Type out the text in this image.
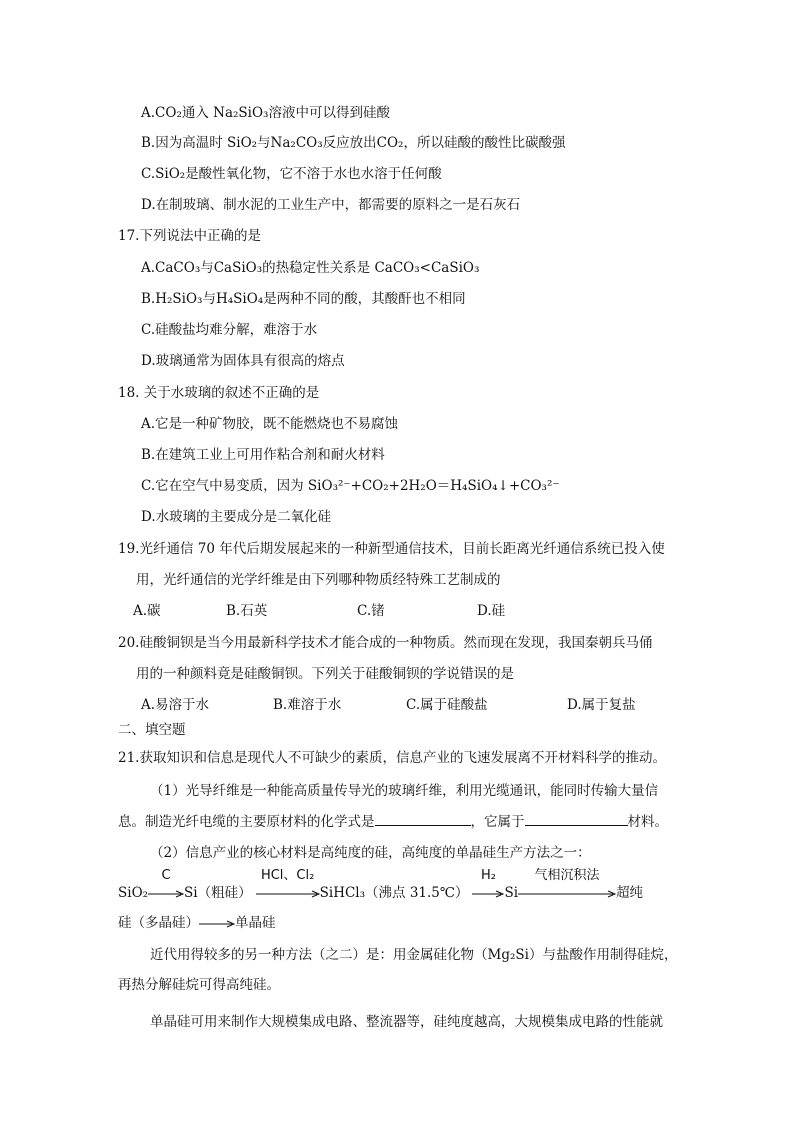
A.CO₂通入 Na₂SiO₃溶液中可以得到硅酸
B.因为高温时 SiO₂与Na₂CO₃反应放出CO₂，所以硅酸的酸性比碳酸强
C.SiO₂是酸性氧化物，它不溶于水也水溶于任何酸
D.在制玻璃、制水泥的工业生产中，都需要的原料之一是石灰石
17.下列说法中正确的是
A.CaCO₃与CaSiO₃的热稳定性关系是 CaCO₃<CaSiO₃
B.H₂SiO₃与H₄SiO₄是两种不同的酸，其酸酐也不相同
C.硅酸盐均难分解，难溶于水
D.玻璃通常为固体具有很高的熔点
18. 关于水玻璃的叙述不正确的是
A.它是一种矿物胶，既不能燃烧也不易腐蚀
B.在建筑工业上可用作粘合剂和耐火材料
C.它在空气中易变质，因为 SiO₃²⁻+CO₂+2H₂O＝H₄SiO₄↓+CO₃²⁻
D.水玻璃的主要成分是二氧化硅
19.光纤通信 70 年代后期发展起来的一种新型通信技术，目前长距离光纤通信系统已投入使
用，光纤通信的光学纤维是由下列哪种物质经特殊工艺制成的
A.碳	B.石英	C.锗	D.硅
20.硅酸铜钡是当今用最新科学技术才能合成的一种物质。然而现在发现，我国秦朝兵马俑
用的一种颜料竟是硅酸铜钡。下列关于硅酸铜钡的学说错误的是
A.易溶于水	B.难溶于水	C.属于硅酸盐	D.属于复盐
二、填空题
21.获取知识和信息是现代人不可缺少的素质，信息产业的飞速发展离不开材料科学的推动。
（1）光导纤维是一种能高质量传导光的玻璃纤维，利用光缆通讯，能同时传输大量信
息。制造光纤电缆的主要原材料的化学式是	，它属于	材料。
（2）信息产业的核心材料是高纯度的硅，高纯度的单晶硅生产方法之一：
SiO₂
C
Si（粗硅）
HCl、Cl₂
SiHCl₃（沸点 31.5℃）
H₂
Si
气相沉积法
超纯
硅（多晶硅）	单晶硅
近代用得较多的另一种方法（之二）是：用金属硅化物（Mg₂Si）与盐酸作用制得硅烷，
再热分解硅烷可得高纯硅。
单晶硅可用来制作大规模集成电路、整流器等，硅纯度越高，大规模集成电路的性能就
